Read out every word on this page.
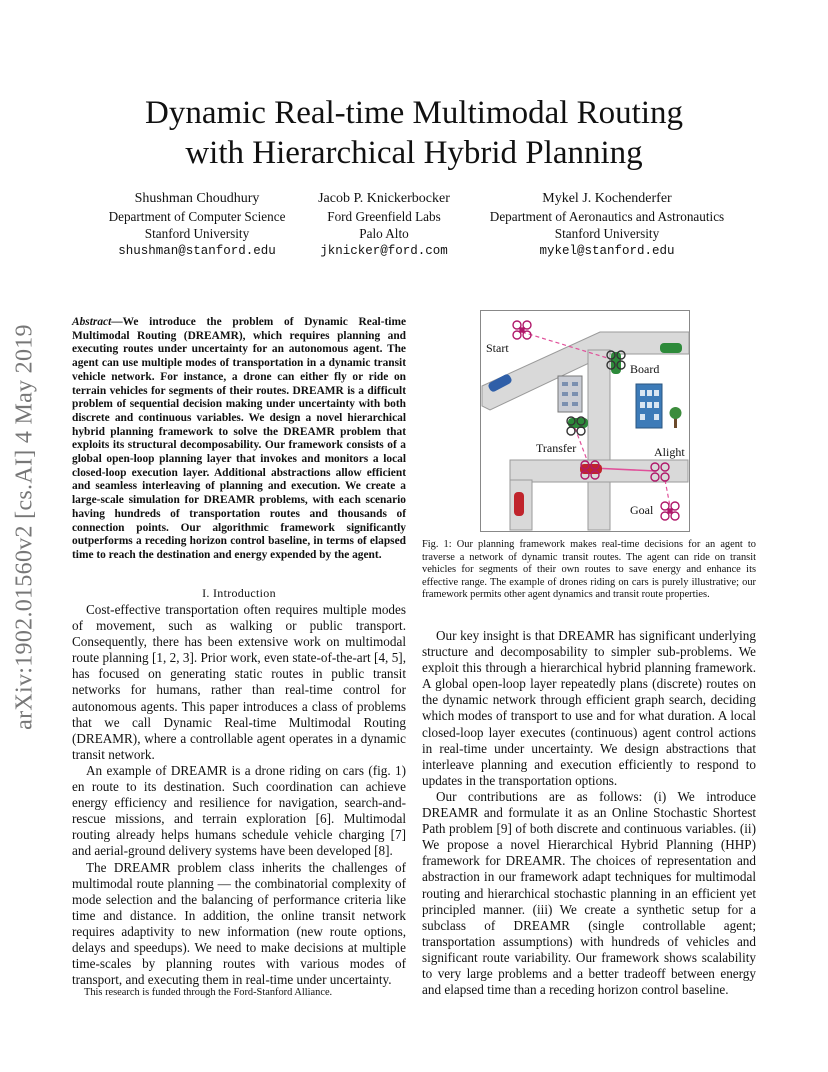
Dynamic Real-time Multimodal Routing
with Hierarchical Hybrid Planning
Shushman Choudhury
Department of Computer Science
Stanford University
shushman@stanford.edu
Jacob P. Knickerbocker
Ford Greenfield Labs
Palo Alto
jknicker@ford.com
Mykel J. Kochenderfer
Department of Aeronautics and Astronautics
Stanford University
mykel@stanford.edu
arXiv:1902.01560v2 [cs.AI] 4 May 2019
Abstract—We introduce the problem of Dynamic Real-time Multimodal Routing (DREAMR), which requires planning and executing routes under uncertainty for an autonomous agent. The agent can use multiple modes of transportation in a dynamic transit vehicle network. For instance, a drone can either fly or ride on terrain vehicles for segments of their routes. DREAMR is a difficult problem of sequential decision making under uncertainty with both discrete and continuous variables. We design a novel hierarchical hybrid planning framework to solve the DREAMR problem that exploits its structural decomposability. Our framework consists of a global open-loop planning layer that invokes and monitors a local closed-loop execution layer. Additional abstractions allow efficient and seamless interleaving of planning and execution. We create a large-scale simulation for DREAMR problems, with each scenario having hundreds of transportation routes and thousands of connection points. Our algorithmic framework significantly outperforms a receding horizon control baseline, in terms of elapsed time to reach the destination and energy expended by the agent.
I. Introduction

Cost-effective transportation often requires multiple modes of movement, such as walking or public transport. Consequently, there has been extensive work on multimodal route planning [1, 2, 3]. Prior work, even state-of-the-art [4, 5], has focused on generating static routes in public transit networks for humans, rather than real-time control for autonomous agents. This paper introduces a class of problems that we call Dynamic Real-time Multimodal Routing (DREAMR), where a controllable agent operates in a dynamic transit network.

An example of DREAMR is a drone riding on cars (fig. 1) en route to its destination. Such coordination can achieve energy efficiency and resilience for navigation, search-and-rescue missions, and terrain exploration [6]. Multimodal routing already helps humans schedule vehicle charging [7] and aerial-ground delivery systems have been developed [8].

The DREAMR problem class inherits the challenges of multimodal route planning — the combinatorial complexity of mode selection and the balancing of performance criteria like time and distance. In addition, the online transit network requires adaptivity to new information (new route options, delays and speedups). We need to make decisions at multiple time-scales by planning routes with various modes of transport, and executing them in real-time under uncertainty.

This research is funded through the Ford-Stanford Alliance.
Start
Board
Transfer	Alight
Goal
Fig. 1: Our planning framework makes real-time decisions for an agent to traverse a network of dynamic transit routes. The agent can ride on transit vehicles for segments of their own routes to save energy and enhance its effective range. The example of drones riding on cars is purely illustrative; our framework permits other agent dynamics and transit route properties.

Our key insight is that DREAMR has significant underlying structure and decomposability to simpler sub-problems. We exploit this through a hierarchical hybrid planning framework. A global open-loop layer repeatedly plans (discrete) routes on the dynamic network through efficient graph search, deciding which modes of transport to use and for what duration. A local closed-loop layer executes (continuous) agent control actions in real-time under uncertainty. We design abstractions that interleave planning and execution efficiently to respond to updates in the transportation options.

Our contributions are as follows: (i) We introduce DREAMR and formulate it as an Online Stochastic Shortest Path problem [9] of both discrete and continuous variables. (ii) We propose a novel Hierarchical Hybrid Planning (HHP) framework for DREAMR. The choices of representation and abstraction in our framework adapt techniques for multimodal routing and hierarchical stochastic planning in an efficient yet principled manner. (iii) We create a synthetic setup for a subclass of DREAMR (single controllable agent; transportation assumptions) with hundreds of vehicles and significant route variability. Our framework shows scalability to very large problems and a better tradeoff between energy and elapsed time than a receding horizon control baseline.
